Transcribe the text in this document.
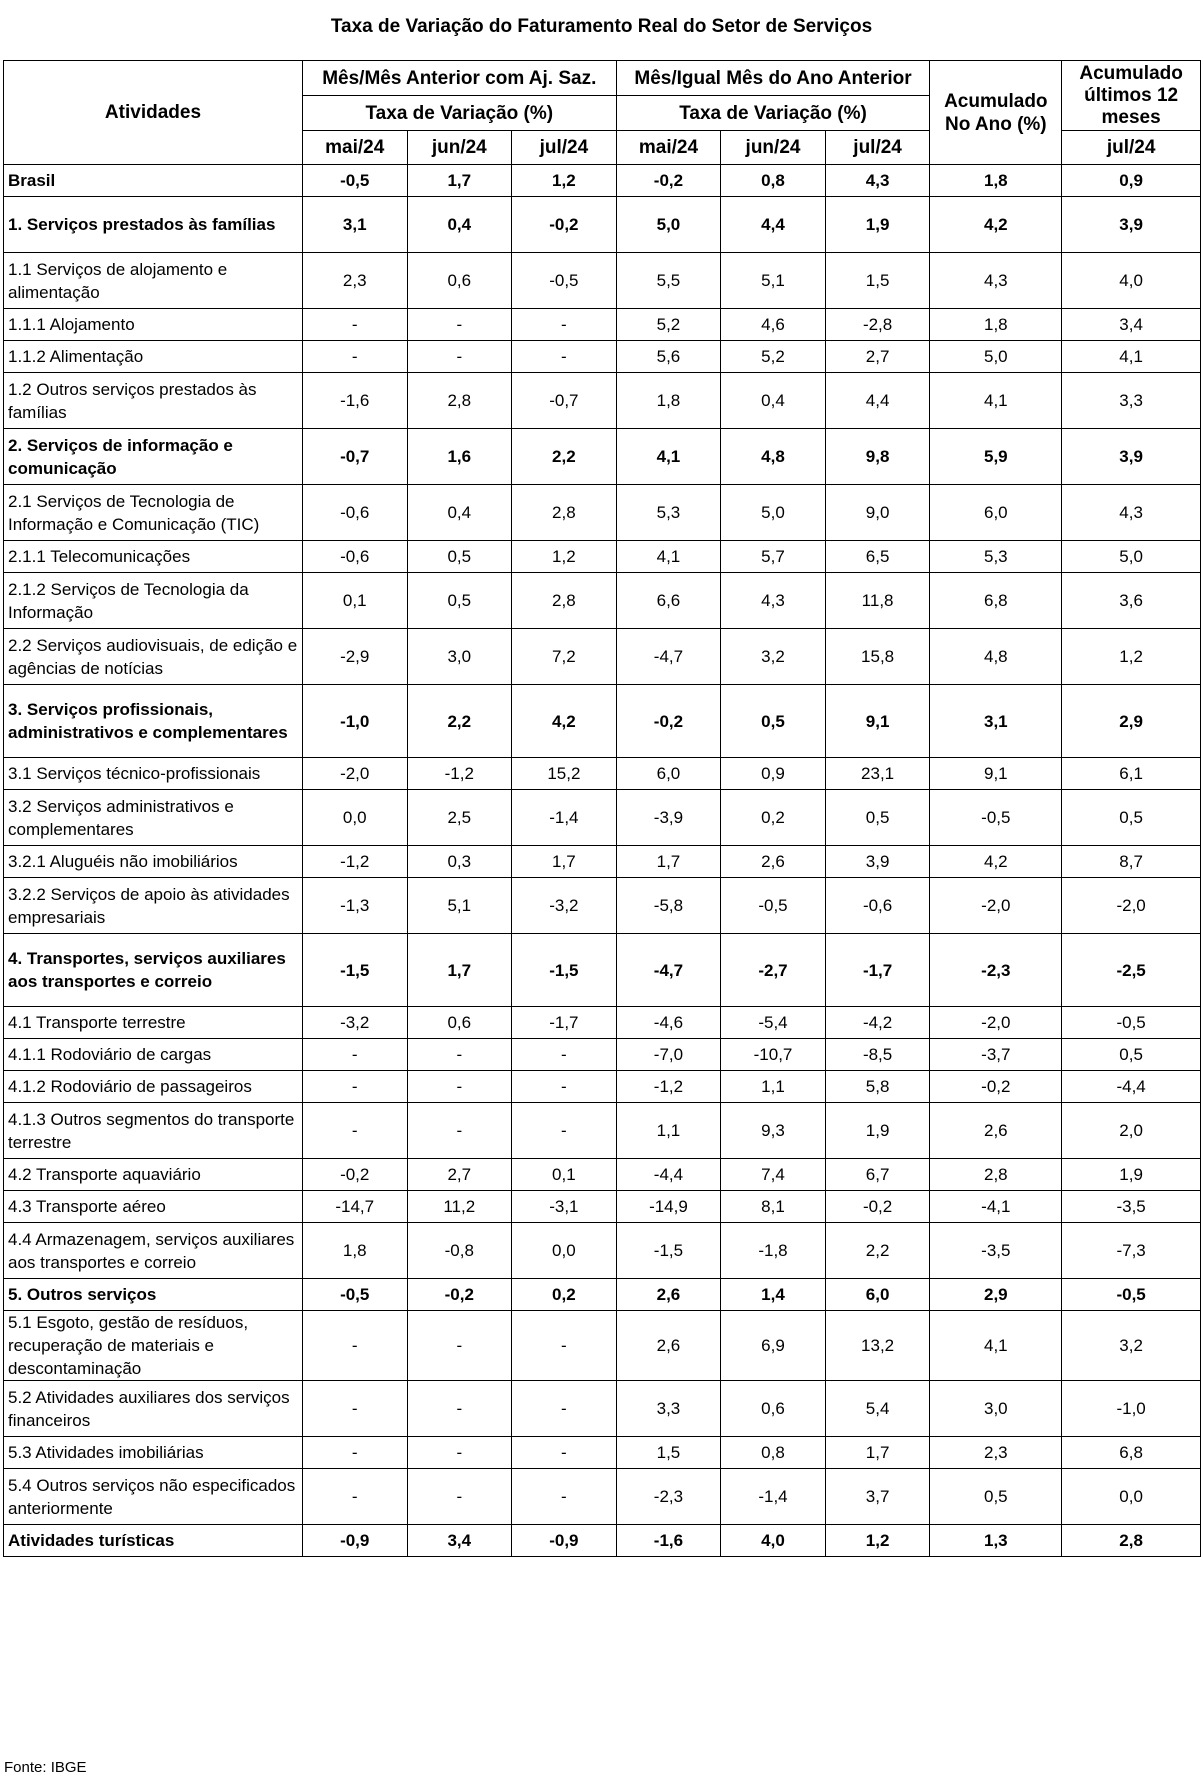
Taxa de Variação do Faturamento Real do Setor de Serviços
Atividades	Mês/Mês Anterior com Aj. Saz.			Mês/Igual Mês do Ano Anterior			Acumulado No Ano (%)	Acumulado últimos 12 meses
	Taxa de Variação (%)			Taxa de Variação (%)				
	mai/24	jun/24	jul/24	mai/24	jun/24	jul/24		jul/24
Brasil	-0,5	1,7	1,2	-0,2	0,8	4,3	1,8	0,9
1. Serviços prestados às famílias	3,1	0,4	-0,2	5,0	4,4	1,9	4,2	3,9
1.1 Serviços de alojamento e alimentação	2,3	0,6	-0,5	5,5	5,1	1,5	4,3	4,0
1.1.1 Alojamento	-	-	-	5,2	4,6	-2,8	1,8	3,4
1.1.2 Alimentação	-	-	-	5,6	5,2	2,7	5,0	4,1
1.2 Outros serviços prestados às famílias	-1,6	2,8	-0,7	1,8	0,4	4,4	4,1	3,3
2. Serviços de informação e comunicação	-0,7	1,6	2,2	4,1	4,8	9,8	5,9	3,9
2.1 Serviços de Tecnologia de Informação e Comunicação (TIC)	-0,6	0,4	2,8	5,3	5,0	9,0	6,0	4,3
2.1.1 Telecomunicações	-0,6	0,5	1,2	4,1	5,7	6,5	5,3	5,0
2.1.2 Serviços de Tecnologia da Informação	0,1	0,5	2,8	6,6	4,3	11,8	6,8	3,6
2.2 Serviços audiovisuais, de edição e agências de notícias	-2,9	3,0	7,2	-4,7	3,2	15,8	4,8	1,2
3. Serviços profissionais, administrativos e complementares	-1,0	2,2	4,2	-0,2	0,5	9,1	3,1	2,9
3.1 Serviços técnico-profissionais	-2,0	-1,2	15,2	6,0	0,9	23,1	9,1	6,1
3.2 Serviços administrativos e complementares	0,0	2,5	-1,4	-3,9	0,2	0,5	-0,5	0,5
3.2.1 Aluguéis não imobiliários	-1,2	0,3	1,7	1,7	2,6	3,9	4,2	8,7
3.2.2 Serviços de apoio às atividades empresariais	-1,3	5,1	-3,2	-5,8	-0,5	-0,6	-2,0	-2,0
4. Transportes, serviços auxiliares aos transportes e correio	-1,5	1,7	-1,5	-4,7	-2,7	-1,7	-2,3	-2,5
4.1 Transporte terrestre	-3,2	0,6	-1,7	-4,6	-5,4	-4,2	-2,0	-0,5
4.1.1 Rodoviário de cargas	-	-	-	-7,0	-10,7	-8,5	-3,7	0,5
4.1.2 Rodoviário de passageiros	-	-	-	-1,2	1,1	5,8	-0,2	-4,4
4.1.3 Outros segmentos do transporte terrestre	-	-	-	1,1	9,3	1,9	2,6	2,0
4.2 Transporte aquaviário	-0,2	2,7	0,1	-4,4	7,4	6,7	2,8	1,9
4.3 Transporte aéreo	-14,7	11,2	-3,1	-14,9	8,1	-0,2	-4,1	-3,5
4.4 Armazenagem, serviços auxiliares aos transportes e correio	1,8	-0,8	0,0	-1,5	-1,8	2,2	-3,5	-7,3
5. Outros serviços	-0,5	-0,2	0,2	2,6	1,4	6,0	2,9	-0,5
5.1 Esgoto, gestão de resíduos, recuperação de materiais e descontaminação	-	-	-	2,6	6,9	13,2	4,1	3,2
5.2 Atividades auxiliares dos serviços financeiros	-	-	-	3,3	0,6	5,4	3,0	-1,0
5.3 Atividades imobiliárias	-	-	-	1,5	0,8	1,7	2,3	6,8
5.4 Outros serviços não especificados anteriormente	-	-	-	-2,3	-1,4	3,7	0,5	0,0
Atividades turísticas	-0,9	3,4	-0,9	-1,6	4,0	1,2	1,3	2,8
Fonte: IBGE
